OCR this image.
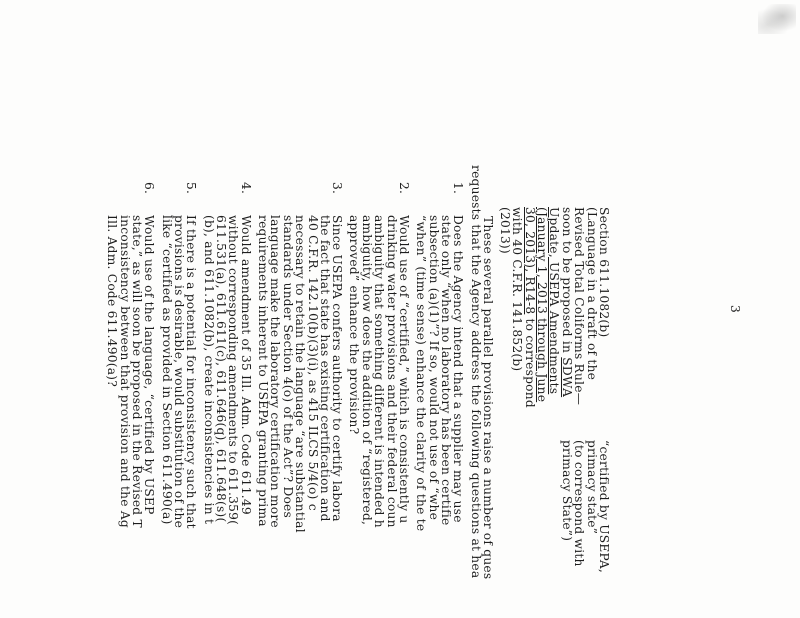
3
Section 611.1082(b)
(Language in a draft of the
Revised Total Coliforms Rule—
soon to be proposed in SDWA
Update, USEPA Amendments
(January 1, 2013 through June
30, 2013), R14-8 to correspond
with 40 C.F.R. 141.852(b)
(2013))
“certified by USEPA,
primacy state”
(to correspond with
primacy State”)
These several parallel provisions raise a number of ques
requests that the Agency address the following questions at hea
1.
Does the Agency intend that a supplier may use
state only “when no laboratory has been certifie
subsection (a)(1)”? If so, would not use of “whe
“when” (time sense) enhance the clarity of the te
2.
Would use of “certified,” which is consistently u
drinking water provisions and their federal coun
ambiguity that something different is intended h
ambiguity, how does the addition of “registered,
approved” enhance the provision?
3.
Since USEPA confers authority to certify labora
the fact that state has existing certification and
40 C.F.R. 142.10(b)(3)(i), as 415 ILCS 5/4(o) c
necessary to retain the language “are substantial
standards under Section 4(o) of the Act”? Does
language make the laboratory certification more
requirements inherent to USEPA granting prima
4.
Would amendment of 35 Ill. Adm. Code 611.49
without corresponding amendments to 611.359(
611.531(a), 611.611(c), 611.646(q), 611.648(s)(
(b), and 611.1082(b), create inconsistencies in t
5.
If there is a potential for inconsistency such that
provisions is desirable, would substitution of the
like “certified as provided in Section 611.490(a)
6.
Would use of the language, “certified by USEP
state,” as will soon be proposed in the Revised T
inconsistency between that provision and the Ag
Ill. Adm. Code 611.490(a)?
